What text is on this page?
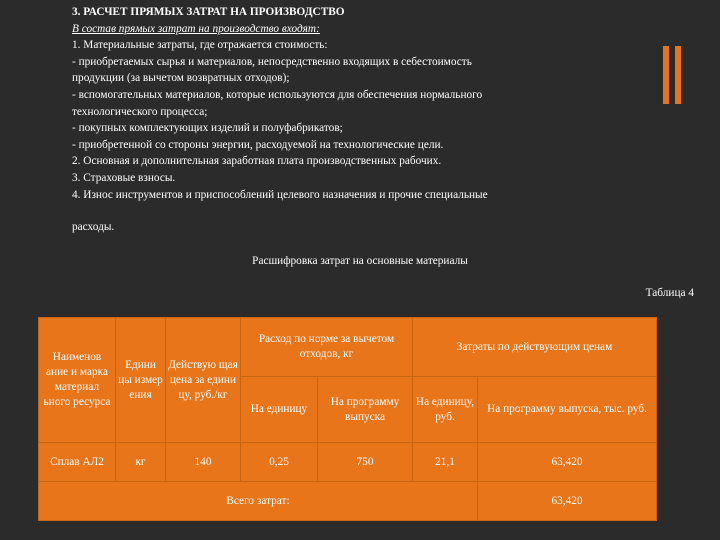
3. РАСЧЕТ ПРЯМЫХ ЗАТРАТ НА ПРОИЗВОДСТВО
В состав прямых затрат на производство входят:
1. Материальные затраты, где отражается стоимость:
- приобретаемых сырья и материалов, непосредственно входящих в себестоимость
продукции (за вычетом возвратных отходов);
- вспомогательных материалов, которые используются для обеспечения нормального
технологического процесса;
- покупных комплектующих изделий и полуфабрикатов;
- приобретенной со стороны энергии, расходуемой на технологические цели.
2. Основная и дополнительная заработная плата производственных рабочих.
3. Страховые взносы.
4. Износ инструментов и приспособлений целевого назначения и прочие специальные
расходы.
Расшифровка затрат на основные материалы
Таблица 4
Наименов ание и марка материал ьного ресурса	Едини цы измер ения	Действую щая цена за едини цу, руб./кг	Расход по норме за вычетом отходов, кг		Затраты по действующим ценам	
			На единицу	На программу выпуска	На единицу, руб.	На программу выпуска, тыс. руб.
Сплав АЛ2	кг	140	0,25	750	21,1	63,420
Всего затрат:						63,420
